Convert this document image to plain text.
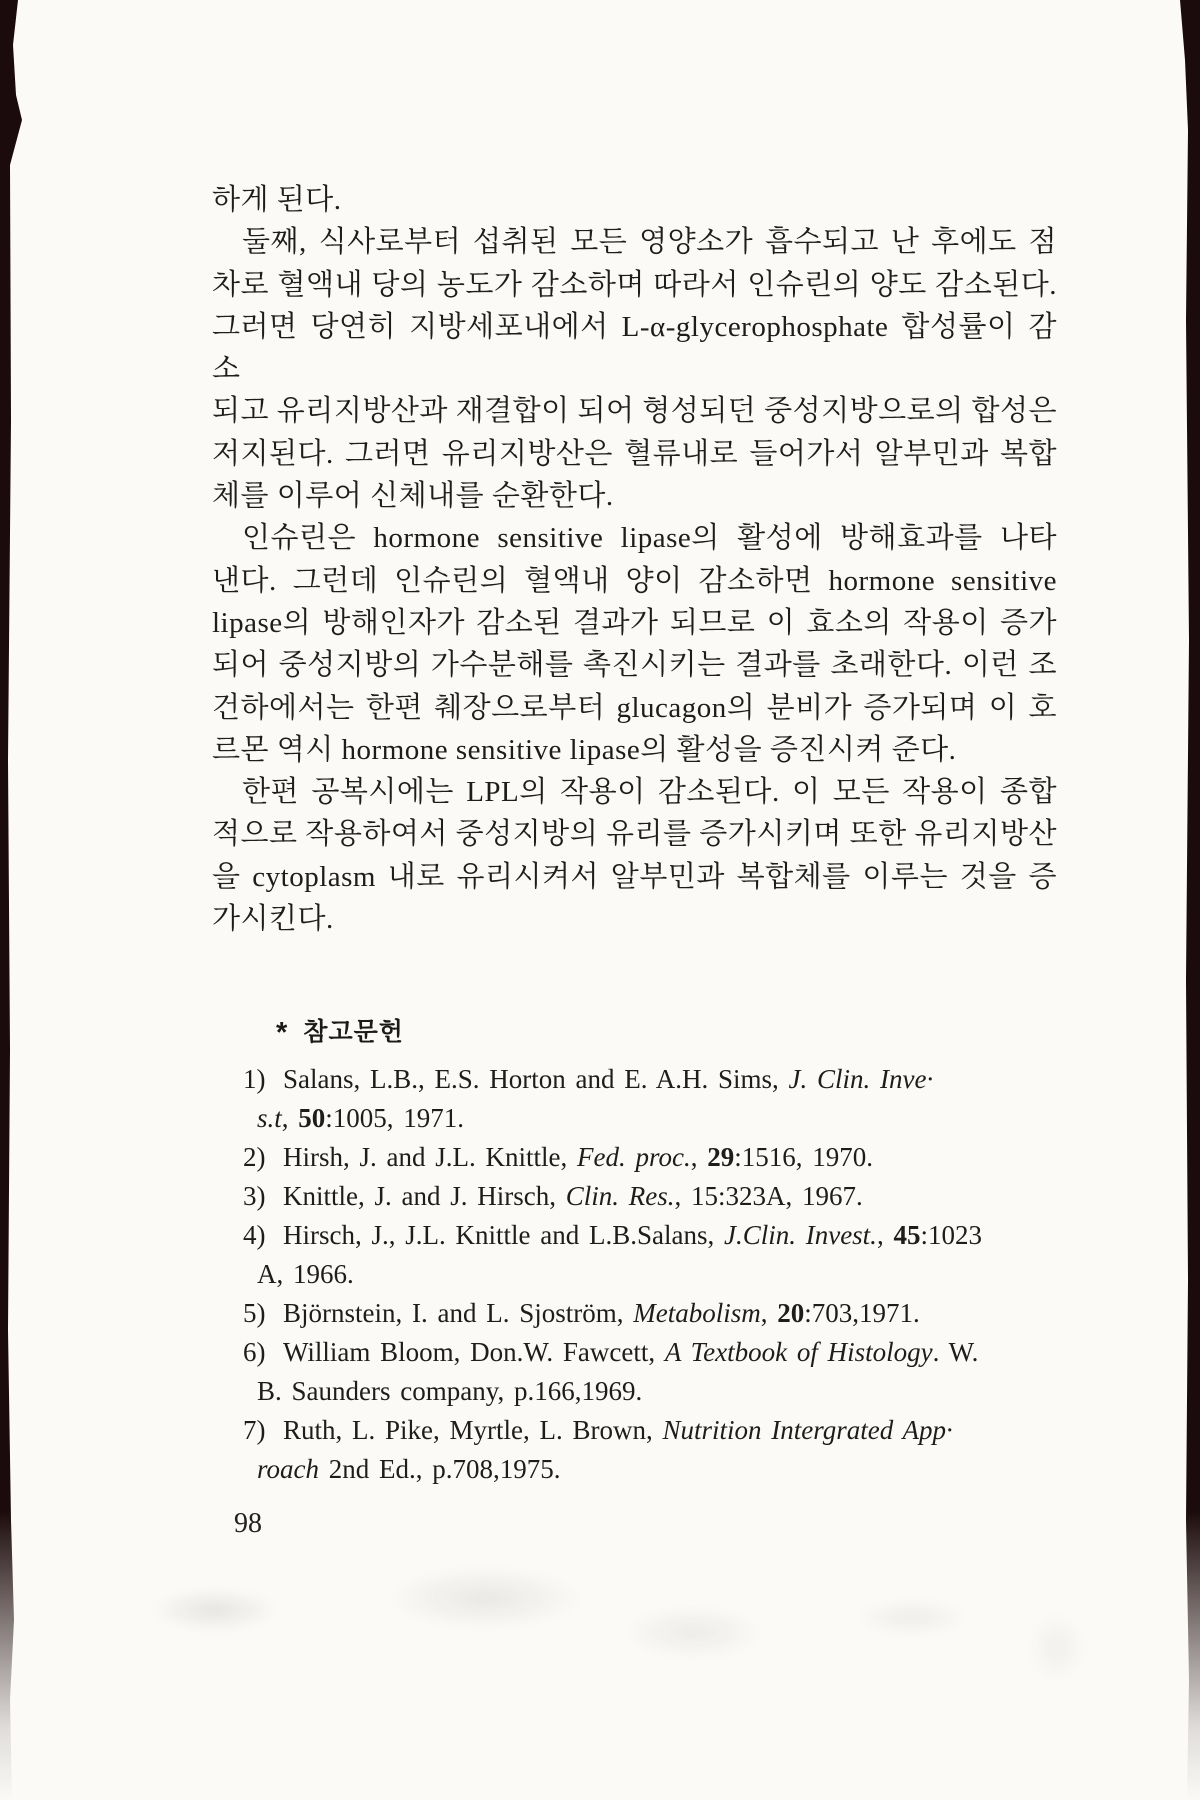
하게 된다.
둘째, 식사로부터 섭취된 모든 영양소가 흡수되고 난 후에도 점
차로 혈액내 당의 농도가 감소하며 따라서 인슈린의 양도 감소된다.
그러면 당연히 지방세포내에서 L-α-glycerophosphate 합성률이 감소
되고 유리지방산과 재결합이 되어 형성되던 중성지방으로의 합성은
저지된다. 그러면 유리지방산은 혈류내로 들어가서 알부민과 복합
체를 이루어 신체내를 순환한다.
인슈린은 hormone sensitive lipase의 활성에 방해효과를 나타
낸다. 그런데 인슈린의 혈액내 양이 감소하면 hormone sensitive
lipase의 방해인자가 감소된 결과가 되므로 이 효소의 작용이 증가
되어 중성지방의 가수분해를 촉진시키는 결과를 초래한다. 이런 조
건하에서는 한편 췌장으로부터 glucagon의 분비가 증가되며 이 호
르몬 역시 hormone sensitive lipase의 활성을 증진시켜 준다.
한편 공복시에는 LPL의 작용이 감소된다. 이 모든 작용이 종합
적으로 작용하여서 중성지방의 유리를 증가시키며 또한 유리지방산
을 cytoplasm 내로 유리시켜서 알부민과 복합체를 이루는 것을 증
가시킨다.
* 참고문헌
1) Salans, L.B., E.S. Horton and E. A.H. Sims, J. Clin. Inve·
s.t, 50:1005, 1971.
2) Hirsh, J. and J.L. Knittle, Fed. proc., 29:1516, 1970.
3) Knittle, J. and J. Hirsch, Clin. Res., 15:323A, 1967.
4) Hirsch, J., J.L. Knittle and L.B.Salans, J.Clin. Invest., 45:1023
A, 1966.
5) Björnstein, I. and L. Sjoström, Metabolism, 20:703,1971.
6) William Bloom, Don.W. Fawcett, A Textbook of Histology. W.
B. Saunders company, p.166,1969.
7) Ruth, L. Pike, Myrtle, L. Brown, Nutrition Intergrated App·
roach 2nd Ed., p.708,1975.
98
